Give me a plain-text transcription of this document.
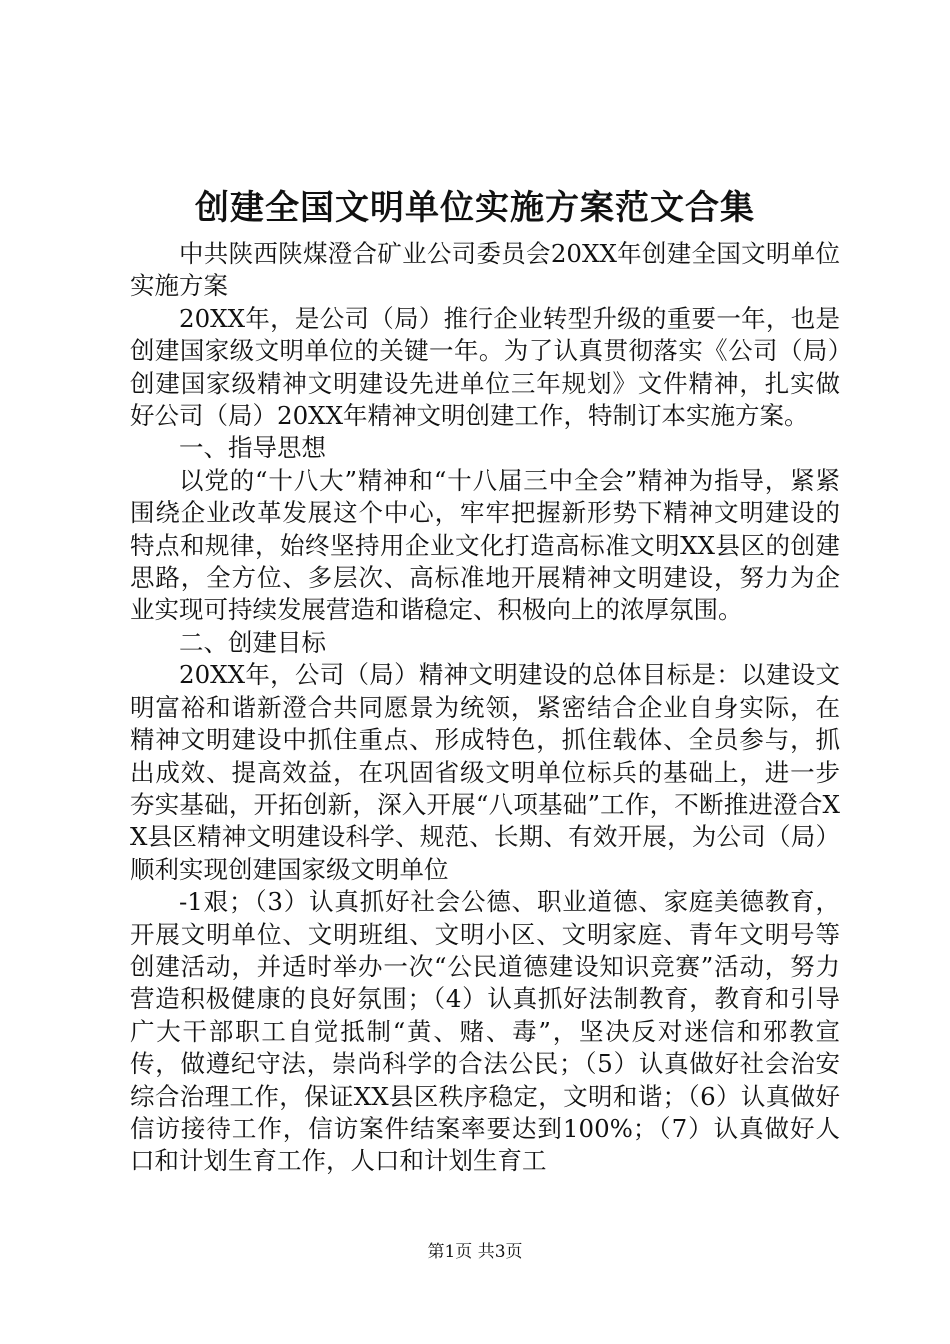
创建全国文明单位实施方案范文合集

中共陕西陕煤澄合矿业公司委员会20XX年创建全国文明单位实施方案

20XX年，是公司（局）推行企业转型升级的重要一年，也是创建国家级文明单位的关键一年。为了认真贯彻落实《公司（局）创建国家级精神文明建设先进单位三年规划》文件精神，扎实做好公司（局）20XX年精神文明创建工作，特制订本实施方案。

一、指导思想

以党的“十八大”精神和“十八届三中全会”精神为指导，紧紧围绕企业改革发展这个中心，牢牢把握新形势下精神文明建设的特点和规律，始终坚持用企业文化打造高标准文明XX县区的创建思路，全方位、多层次、高标准地开展精神文明建设，努力为企业实现可持续发展营造和谐稳定、积极向上的浓厚氛围。

二、创建目标

20XX年，公司（局）精神文明建设的总体目标是：以建设文明富裕和谐新澄合共同愿景为统领，紧密结合企业自身实际，在精神文明建设中抓住重点、形成特色，抓住载体、全员参与，抓出成效、提高效益，在巩固省级文明单位标兵的基础上，进一步夯实基础，开拓创新，深入开展“八项基础”工作，不断推进澄合XX县区精神文明建设科学、规范、长期、有效开展，为公司（局）顺利实现创建国家级文明单位

-1艰；（3）认真抓好社会公德、职业道德、家庭美德教育，开展文明单位、文明班组、文明小区、文明家庭、青年文明号等创建活动，并适时举办一次“公民道德建设知识竞赛”活动，努力营造积极健康的良好氛围；（4）认真抓好法制教育，教育和引导广大干部职工自觉抵制“黄、赌、毒”，坚决反对迷信和邪教宣传，做遵纪守法，崇尚科学的合法公民；（5）认真做好社会治安综合治理工作，保证XX县区秩序稳定，文明和谐；（6）认真做好信访接待工作，信访案件结案率要达到100%；（7）认真做好人口和计划生育工作，人口和计划生育工

第1页 共3页
